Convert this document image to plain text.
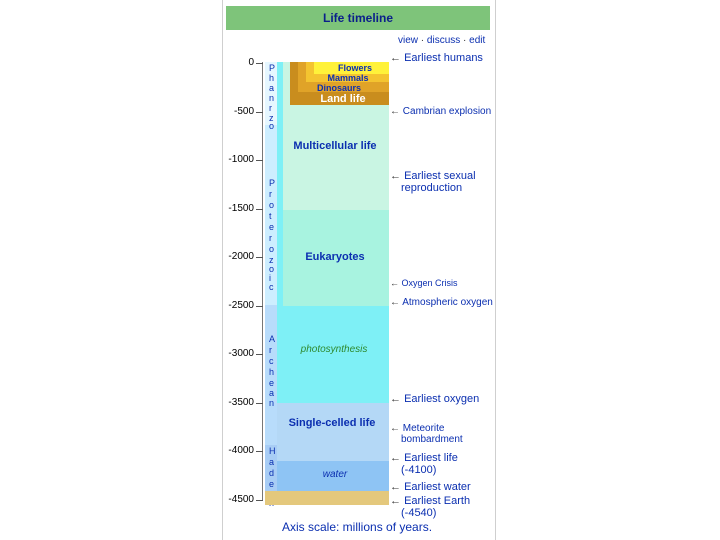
Life timeline
view · discuss · edit
0
-500
-1000
-1500
-2000
-2500
-3000
-3500
-4000
-4500
P
h
a
n
r
z
o
P
r
o
t
e
r
o
z
o
i
c
A
r
c
h
e
a
n
H
a
d
e
Flowers
Mammals
Dinosaurs
Land life
Multicellular life
Eukaryotes
photosynthesis
Single-celled life
water
← Earliest humans
← Cambrian explosion
← Earliest sexual reproduction
← Oxygen Crisis
← Atmospheric oxygen
← Earliest oxygen
← Meteorite bombardment
← Earliest life (-4100)
← Earliest water
← Earliest Earth (-4540)
Axis scale: millions of years.
